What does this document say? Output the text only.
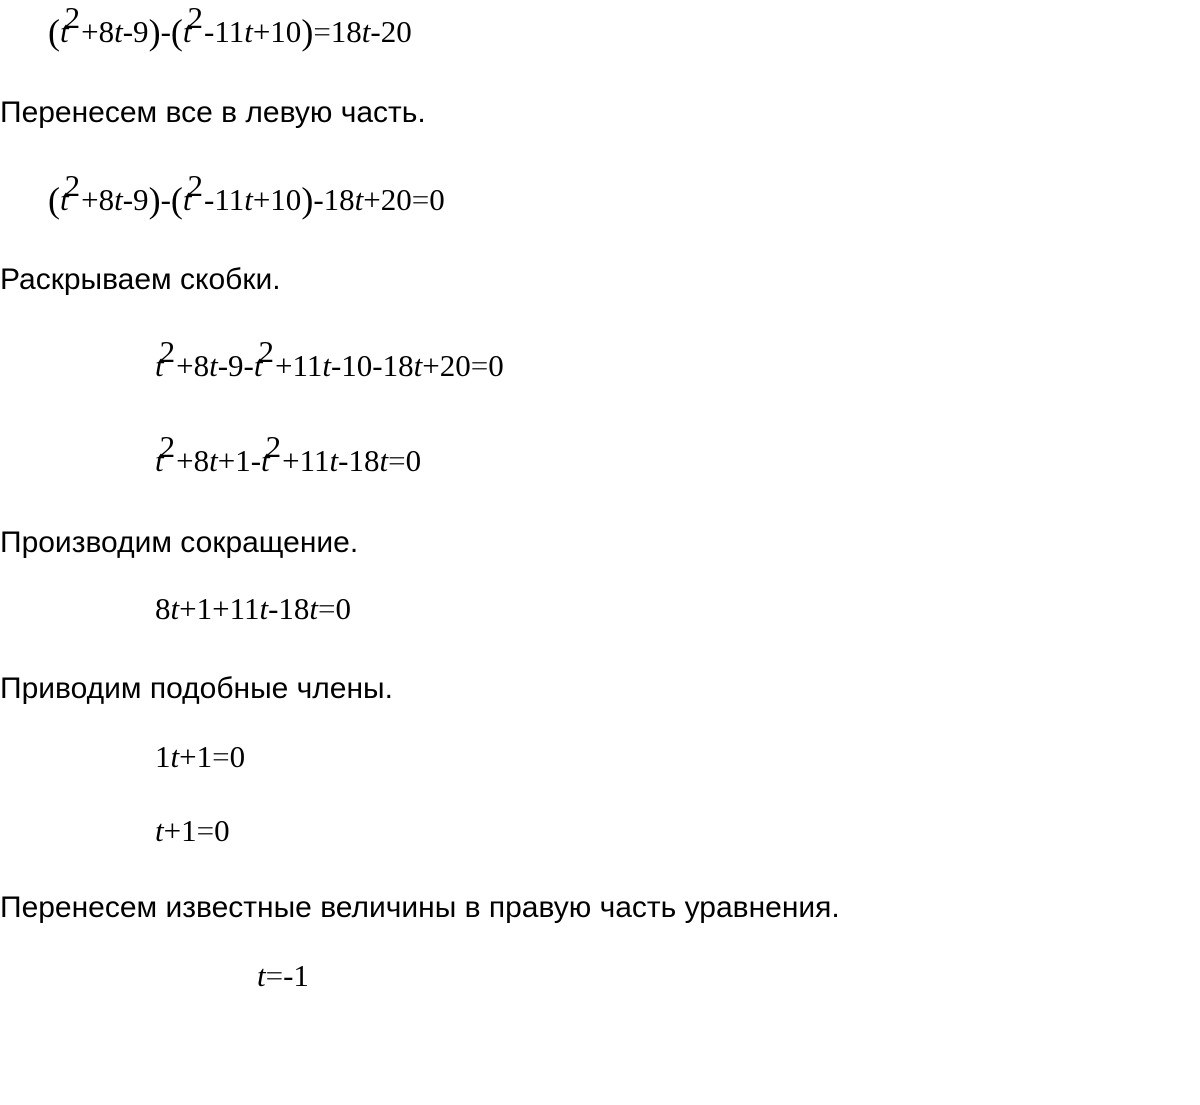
$(t^2+8t-9)-(t^2-11t+10)=18t-20$
Перенесем все в левую часть.
$(t^2+8t-9)-(t^2-11t+10)-18t+20=0$
Раскрываем скобки.
$t^2+8t-9-t^2+11t-10-18t+20=0$
$t^2+8t+1-t^2+11t-18t=0$
Производим сокращение.
8t+1+11t-18t=0
Приводим подобные члены.
1t+1=0
t+1=0
Перенесем известные величины в правую часть уравнения.
t=-1
